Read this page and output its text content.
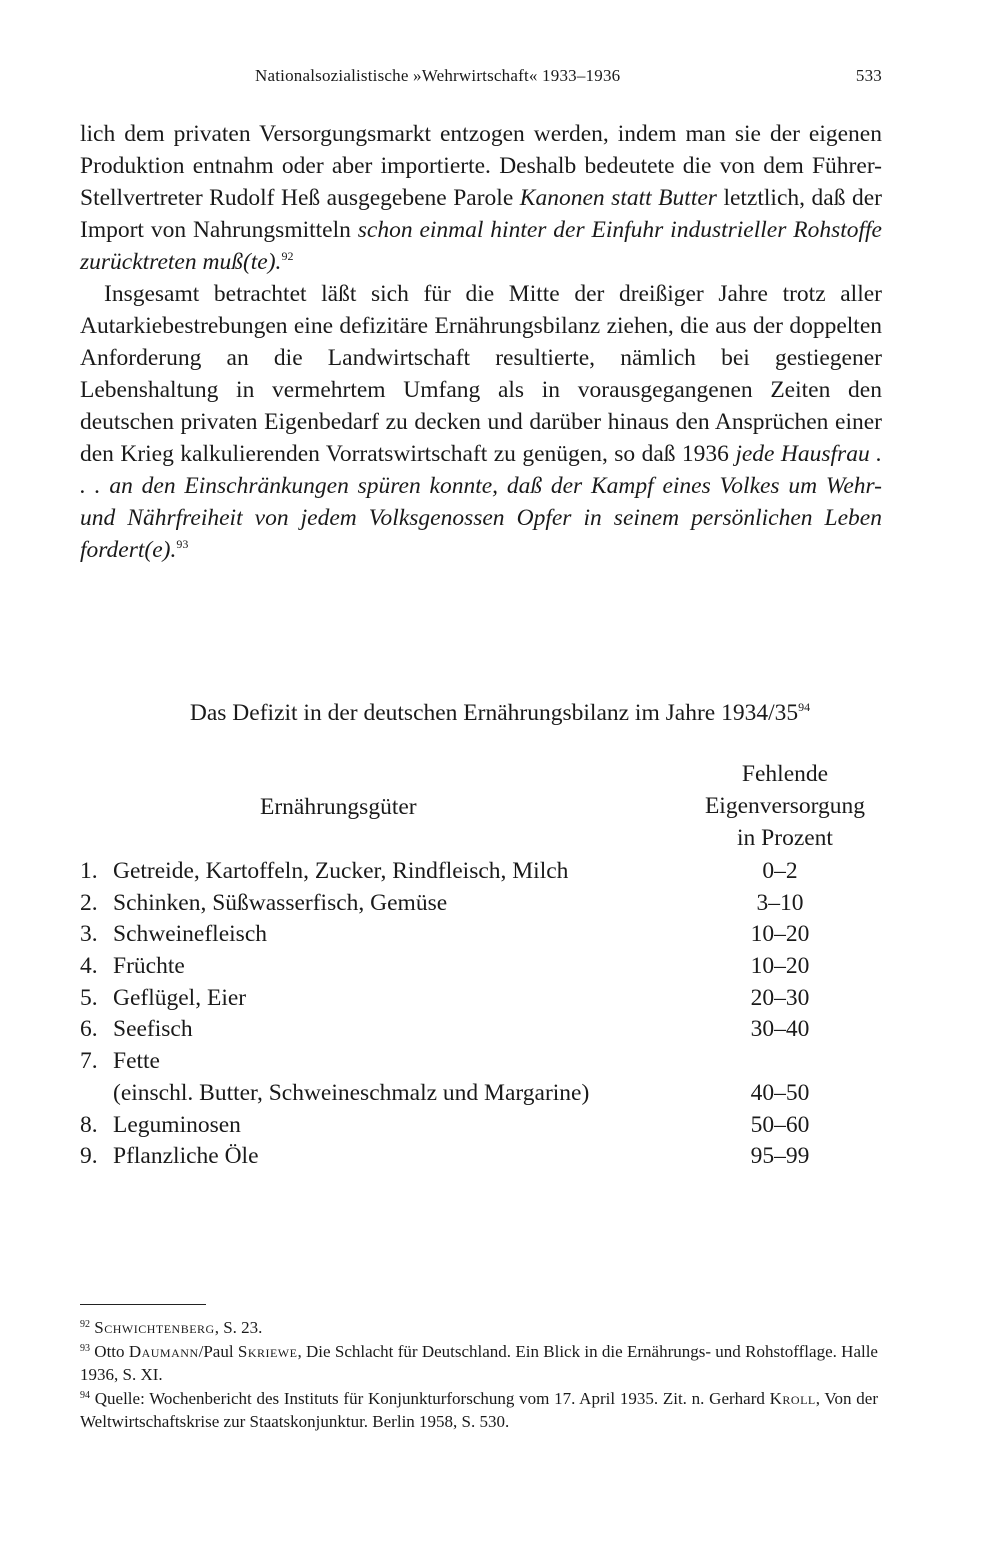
Nationalsozialistische »Wehrwirtschaft« 1933–1936	533

lich dem privaten Versorgungsmarkt entzogen werden, indem man sie der eigenen Produktion entnahm oder aber importierte. Deshalb bedeutete die von dem Führer-Stellvertreter Rudolf Heß ausgegebene Parole Kanonen statt Butter letztlich, daß der Import von Nahrungsmitteln schon einmal hinter der Einfuhr industrieller Rohstoffe zurücktreten muß(te).$^{92}$

Insgesamt betrachtet läßt sich für die Mitte der dreißiger Jahre trotz aller Autarkiebestrebungen eine defizitäre Ernährungsbilanz ziehen, die aus der doppelten Anforderung an die Landwirtschaft resultierte, nämlich bei gestiegener Lebenshaltung in vermehrtem Umfang als in vorausgegangenen Zeiten den deutschen privaten Eigenbedarf zu decken und darüber hinaus den Ansprüchen einer den Krieg kalkulierenden Vorratswirtschaft zu genügen, so daß 1936 jede Hausfrau . . . an den Einschränkungen spüren konnte, daß der Kampf eines Volkes um Wehr- und Nährfreiheit von jedem Volksgenossen Opfer in seinem persönlichen Leben fordert(e).$^{93}$

Das Defizit in der deutschen Ernährungsbilanz im Jahre $1934/35^{94}$
Ernährungsgüter
Fehlende
Eigenversorgung
in Prozent
1. Getreide, Kartoffeln, Zucker, Rindfleisch, Milch	0–2
2. Schinken, Süßwasserfisch, Gemüse	3–10
3. Schweinefleisch	10–20
4. Früchte	10–20
5. Geflügel, Eier	20–30
6. Seefisch	30–40
7. Fette
(einschl. Butter, Schweineschmalz und Margarine)	40–50
8. Leguminosen	50–60
9. Pflanzliche Öle	95–99

$^{92}$ Schwichtenberg, S. 23.

$^{93}$ Otto Daumann/Paul Skriewe, Die Schlacht für Deutschland. Ein Blick in die Ernährungs- und Rohstofflage. Halle 1936, S. XI.

$^{94}$ Quelle: Wochenbericht des Instituts für Konjunkturforschung vom 17. April 1935. Zit. n. Gerhard Kroll, Von der Weltwirtschaftskrise zur Staatskonjunktur. Berlin 1958, S. 530.
